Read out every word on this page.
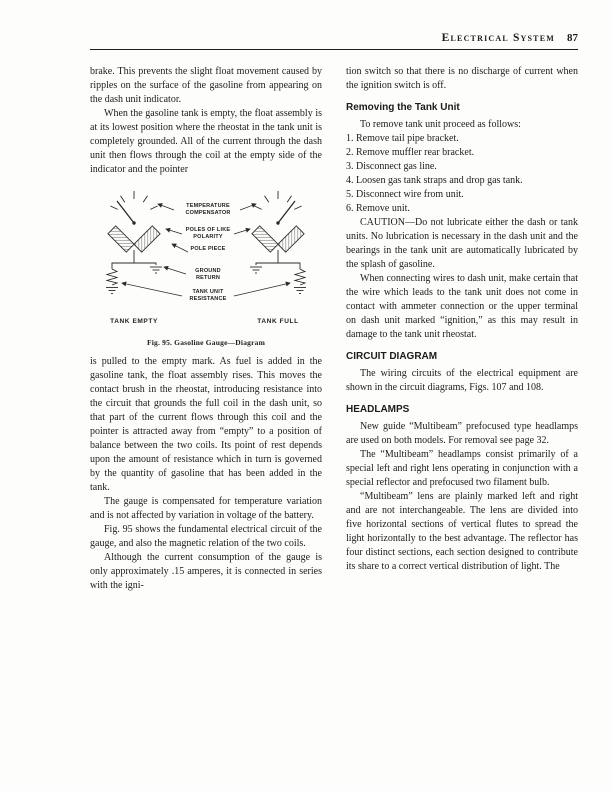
Electrical System 87

brake. This prevents the slight float movement caused by ripples on the surface of the gasoline from appearing on the dash unit indicator.

When the gasoline tank is empty, the float assembly is at its lowest position where the rheostat in the tank unit is completely grounded. All of the current through the dash unit then flows through the coil at the empty side of the indicator and the pointer

TEMPERATURE COMPENSATOR
POLES OF LIKE POLARITY
POLE PIECE
GROUND RETURN
TANK UNIT RESISTANCE
TANK EMPTY	TANK FULL
Fig. 95. Gasoline Gauge—Diagram

is pulled to the empty mark. As fuel is added in the gasoline tank, the float assembly rises. This moves the contact brush in the rheostat, introducing resistance into the circuit that grounds the full coil in the dash unit, so that part of the current flows through this coil and the pointer is attracted away from “empty” to a position of balance between the two coils. Its point of rest depends upon the amount of resistance which in turn is governed by the quantity of gasoline that has been added in the tank.

The gauge is compensated for temperature variation and is not affected by variation in voltage of the battery.

Fig. 95 shows the fundamental electrical circuit of the gauge, and also the magnetic relation of the two coils.

Although the current consumption of the gauge is only approximately .15 amperes, it is connected in series with the igni-

tion switch so that there is no discharge of current when the ignition switch is off.

Removing the Tank Unit

To remove tank unit proceed as follows:

1. Remove tail pipe bracket.
2. Remove muffler rear bracket.
3. Disconnect gas line.
4. Loosen gas tank straps and drop gas tank.
5. Disconnect wire from unit.
6. Remove unit.

CAUTION—Do not lubricate either the dash or tank units. No lubrication is necessary in the dash unit and the bearings in the tank unit are automatically lubricated by the splash of gasoline.

When connecting wires to dash unit, make certain that the wire which leads to the tank unit does not come in contact with ammeter connection or the upper terminal on dash unit marked “ignition,” as this may result in damage to the tank unit rheostat.

CIRCUIT DIAGRAM

The wiring circuits of the electrical equipment are shown in the circuit diagrams, Figs. 107 and 108.

HEADLAMPS

New guide “Multibeam” prefocused type headlamps are used on both models. For removal see page 32.

The “Multibeam” headlamps consist primarily of a special left and right lens operating in conjunction with a special reflector and prefocused two filament bulb.

“Multibeam” lens are plainly marked left and right and are not interchangeable. The lens are divided into five horizontal sections of vertical flutes to spread the light horizontally to the best advantage. The reflector has four distinct sections, each section designed to contribute its share to a correct vertical distribution of light. The
